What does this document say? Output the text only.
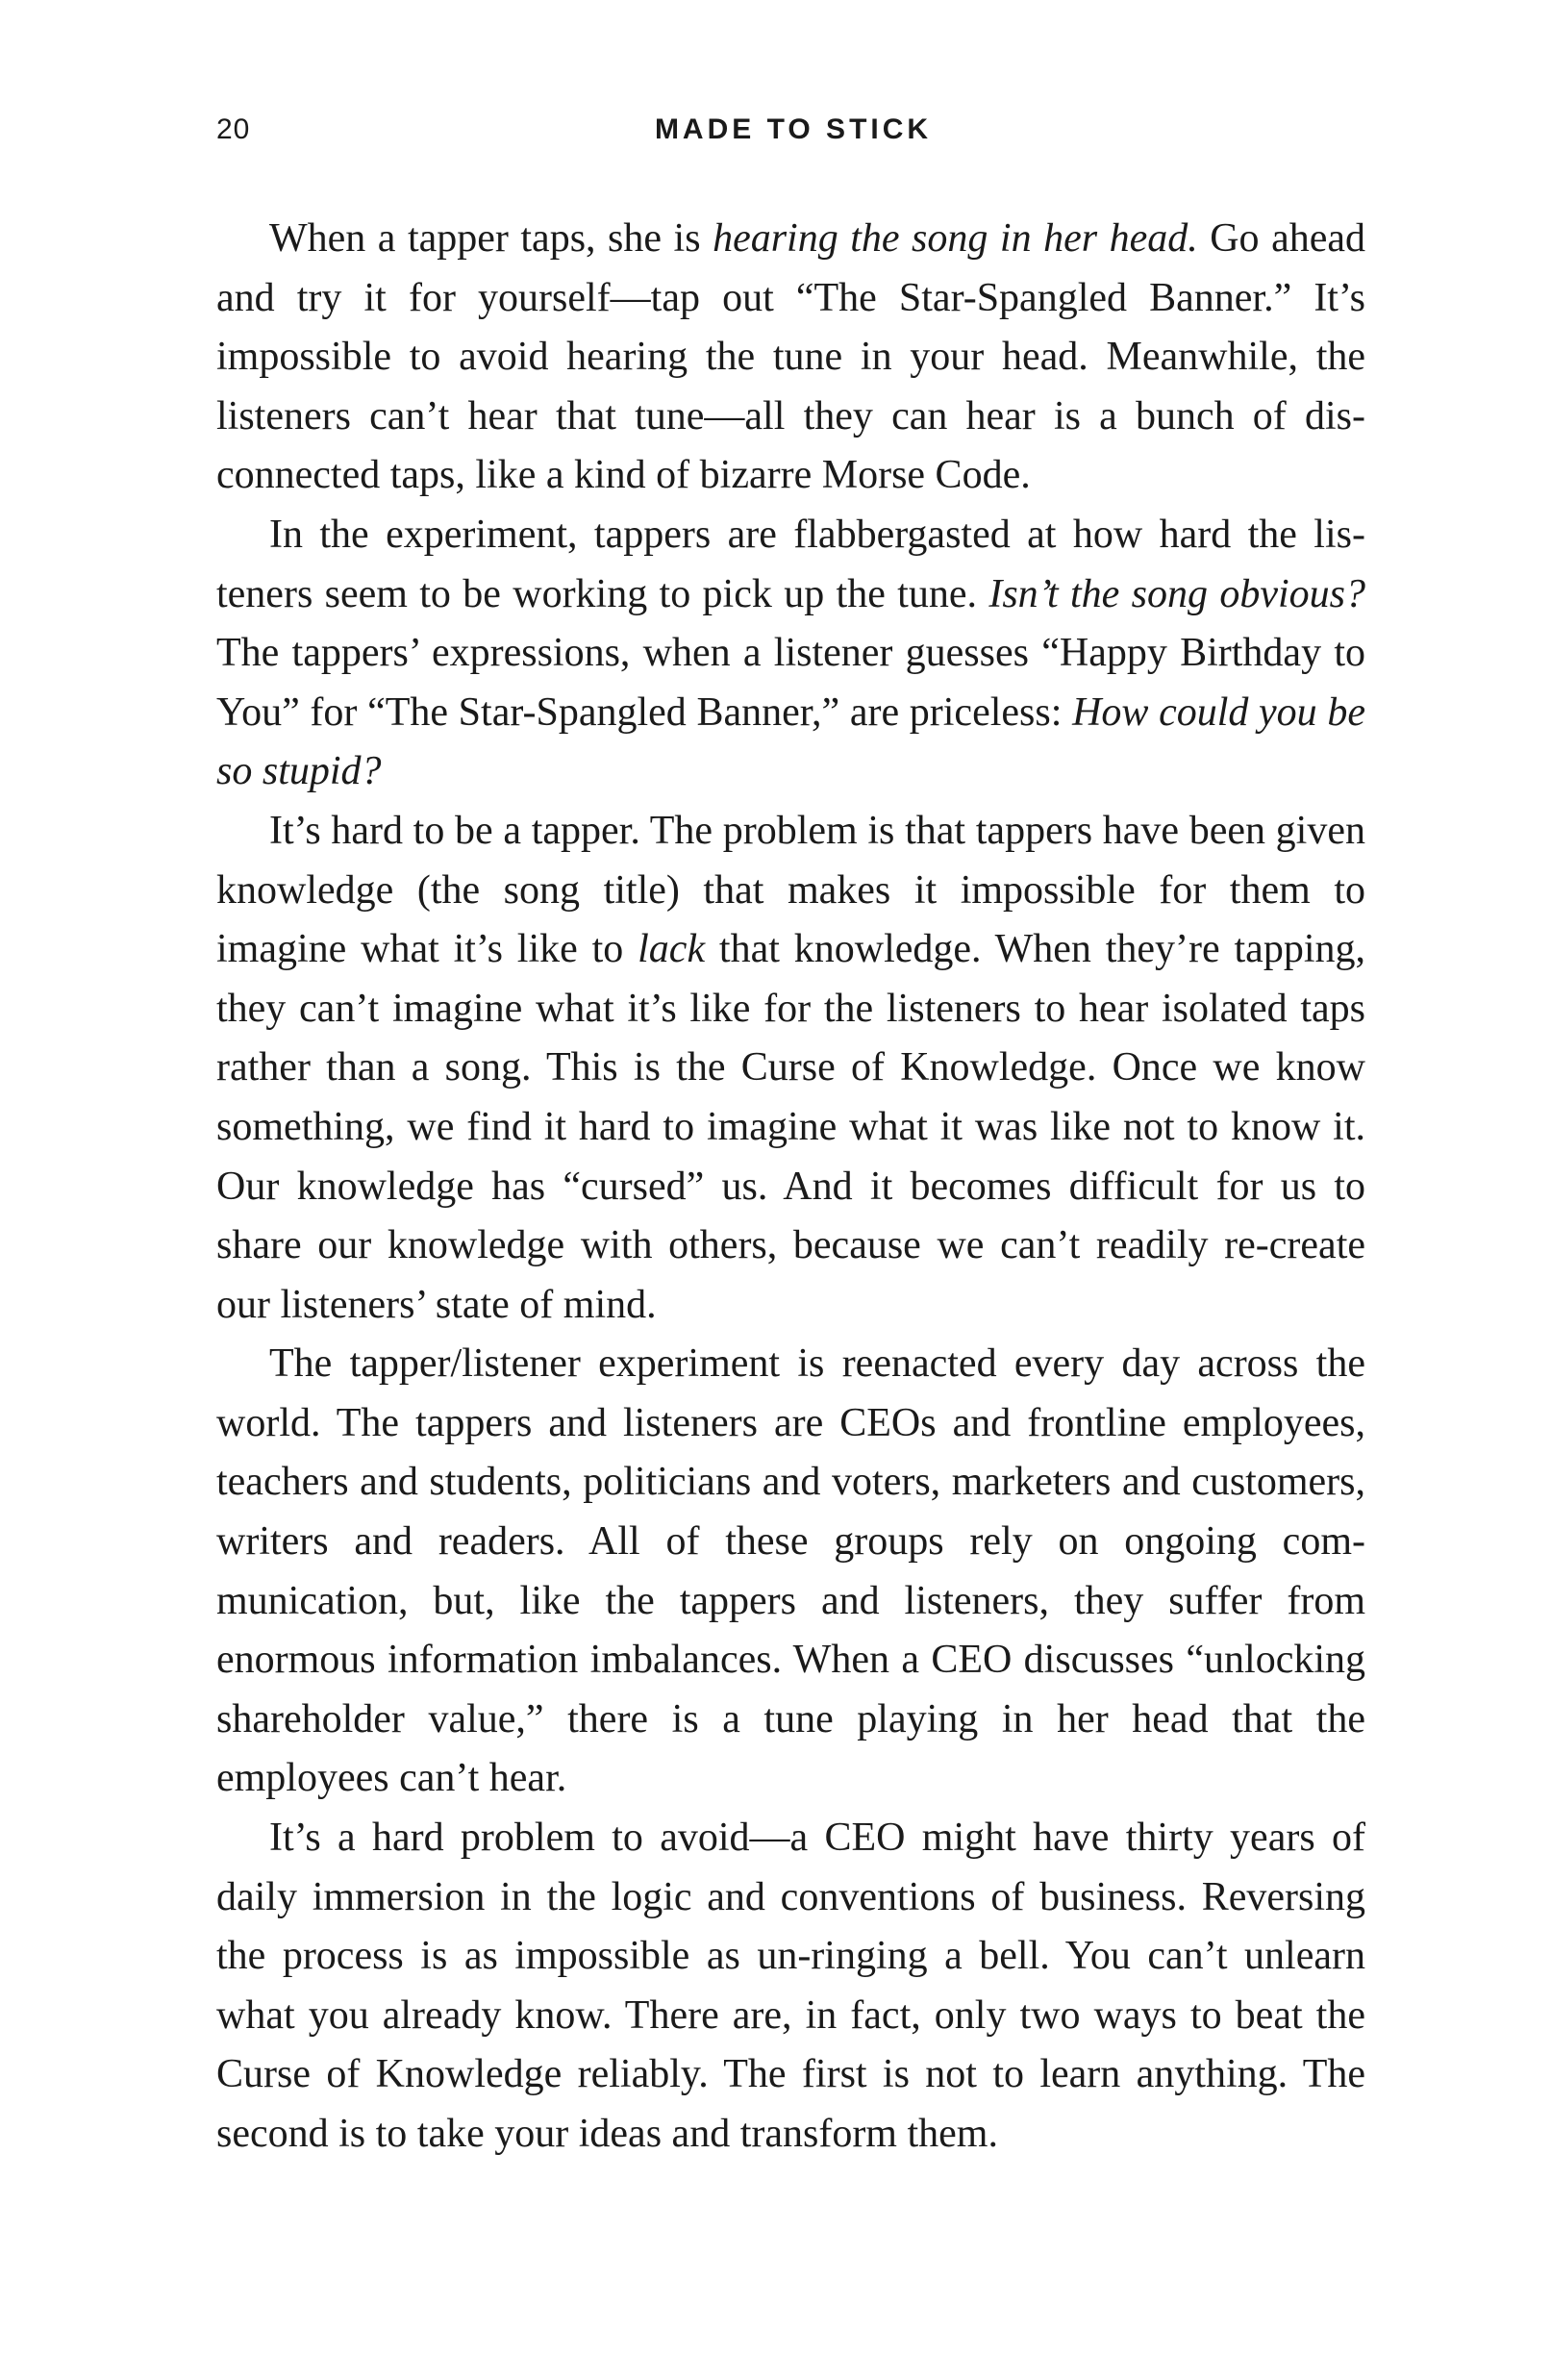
20	MADE TO STICK

When a tapper taps, she is hearing the song in her head. Go ahead and try it for yourself—tap out “The Star-Spangled Banner.” It’s impossible to avoid hearing the tune in your head. Meanwhile, the listeners can’t hear that tune—all they can hear is a bunch of disconnected taps, like a kind of bizarre Morse Code.

In the experiment, tappers are flabbergasted at how hard the listeners seem to be working to pick up the tune. Isn’t the song obvious? The tappers’ expressions, when a listener guesses “Happy Birthday to You” for “The Star-Spangled Banner,” are priceless: How could you be so stupid?

It’s hard to be a tapper. The problem is that tappers have been given knowledge (the song title) that makes it impossible for them to imagine what it’s like to lack that knowledge. When they’re tapping, they can’t imagine what it’s like for the listeners to hear isolated taps rather than a song. This is the Curse of Knowledge. Once we know something, we find it hard to imagine what it was like not to know it. Our knowledge has “cursed” us. And it becomes difficult for us to share our knowledge with others, because we can’t readily re-create our listeners’ state of mind.

The tapper/listener experiment is reenacted every day across the world. The tappers and listeners are CEOs and frontline employees, teachers and students, politicians and voters, marketers and customers, writers and readers. All of these groups rely on ongoing communication, but, like the tappers and listeners, they suffer from enormous information imbalances. When a CEO discusses “unlocking shareholder value,” there is a tune playing in her head that the employees can’t hear.

It’s a hard problem to avoid—a CEO might have thirty years of daily immersion in the logic and conventions of business. Reversing the process is as impossible as un-ringing a bell. You can’t unlearn what you already know. There are, in fact, only two ways to beat the Curse of Knowledge reliably. The first is not to learn anything. The second is to take your ideas and transform them.
